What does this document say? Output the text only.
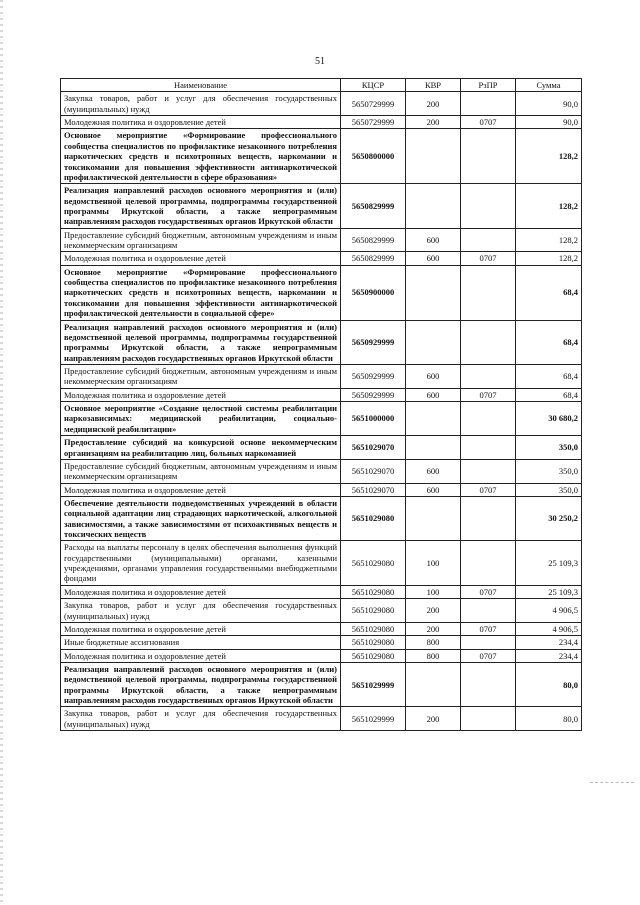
51
Наименование	КЦСР	КВР	РзПР	Сумма
Закупка товаров, работ и услуг для обеспечения государственных (муниципальных) нужд	5650729999	200		90,0
Молодежная политика и оздоровление детей	5650729999	200	0707	90,0
Основное мероприятие «Формирование профессионального сообщества специалистов по профилактике незаконного потребления наркотических средств и психотропных веществ, наркомании и токсикомании для повышения эффективности антинаркотической профилактической деятельности в сфере образования»	5650800000			128,2
Реализация направлений расходов основного мероприятия и (или) ведомственной целевой программы, подпрограммы государственной программы Иркутской области, а также непрограммным направлениям расходов государственных органов Иркутской области	5650829999			128,2
Предоставление субсидий бюджетным, автономным учреждениям и иным некоммерческим организациям	5650829999	600		128,2
Молодежная политика и оздоровление детей	5650829999	600	0707	128,2
Основное мероприятие «Формирование профессионального сообщества специалистов по профилактике незаконного потребления наркотических средств и психотропных веществ, наркомании и токсикомании для повышения эффективности антинаркотической профилактической деятельности в социальной сфере»	5650900000			68,4
Реализация направлений расходов основного мероприятия и (или) ведомственной целевой программы, подпрограммы государственной программы Иркутской области, а также непрограммным направлениям расходов государственных органов Иркутской области	5650929999			68,4
Предоставление субсидий бюджетным, автономным учреждениям и иным некоммерческим организациям	5650929999	600		68,4
Молодежная политика и оздоровление детей	5650929999	600	0707	68,4
Основное мероприятие «Создание целостной системы реабилитации наркозависимых: медицинской реабилитации, социально-медицинской реабилитации»	5651000000			30 680,2
Предоставление субсидий на конкурсной основе некоммерческим организациям на реабилитацию лиц, больных наркоманией	5651029070			350,0
Предоставление субсидий бюджетным, автономным учреждениям и иным некоммерческим организациям	5651029070	600		350,0
Молодежная политика и оздоровление детей	5651029070	600	0707	350,0
Обеспечение деятельности подведомственных учреждений в области социальной адаптации лиц страдающих наркотической, алкогольной зависимостями, а также зависимостями от психоактивных веществ и токсических веществ	5651029080			30 250,2
Расходы на выплаты персоналу в целях обеспечения выполнения функций государственными (муниципальными) органами, казенными учреждениями, органами управления государственными внебюджетными фондами	5651029080	100		25 109,3
Молодежная политика и оздоровление детей	5651029080	100	0707	25 109,3
Закупка товаров, работ и услуг для обеспечения государственных (муниципальных) нужд	5651029080	200		4 906,5
Молодежная политика и оздоровление детей	5651029080	200	0707	4 906,5
Иные бюджетные ассигнования	5651029080	800		234,4
Молодежная политика и оздоровление детей	5651029080	800	0707	234,4
Реализация направлений расходов основного мероприятия и (или) ведомственной целевой программы, подпрограммы государственной программы Иркутской области, а также непрограммным направлениям расходов государственных органов Иркутской области	5651029999			80,0
Закупка товаров, работ и услуг для обеспечения государственных (муниципальных) нужд	5651029999	200		80,0
